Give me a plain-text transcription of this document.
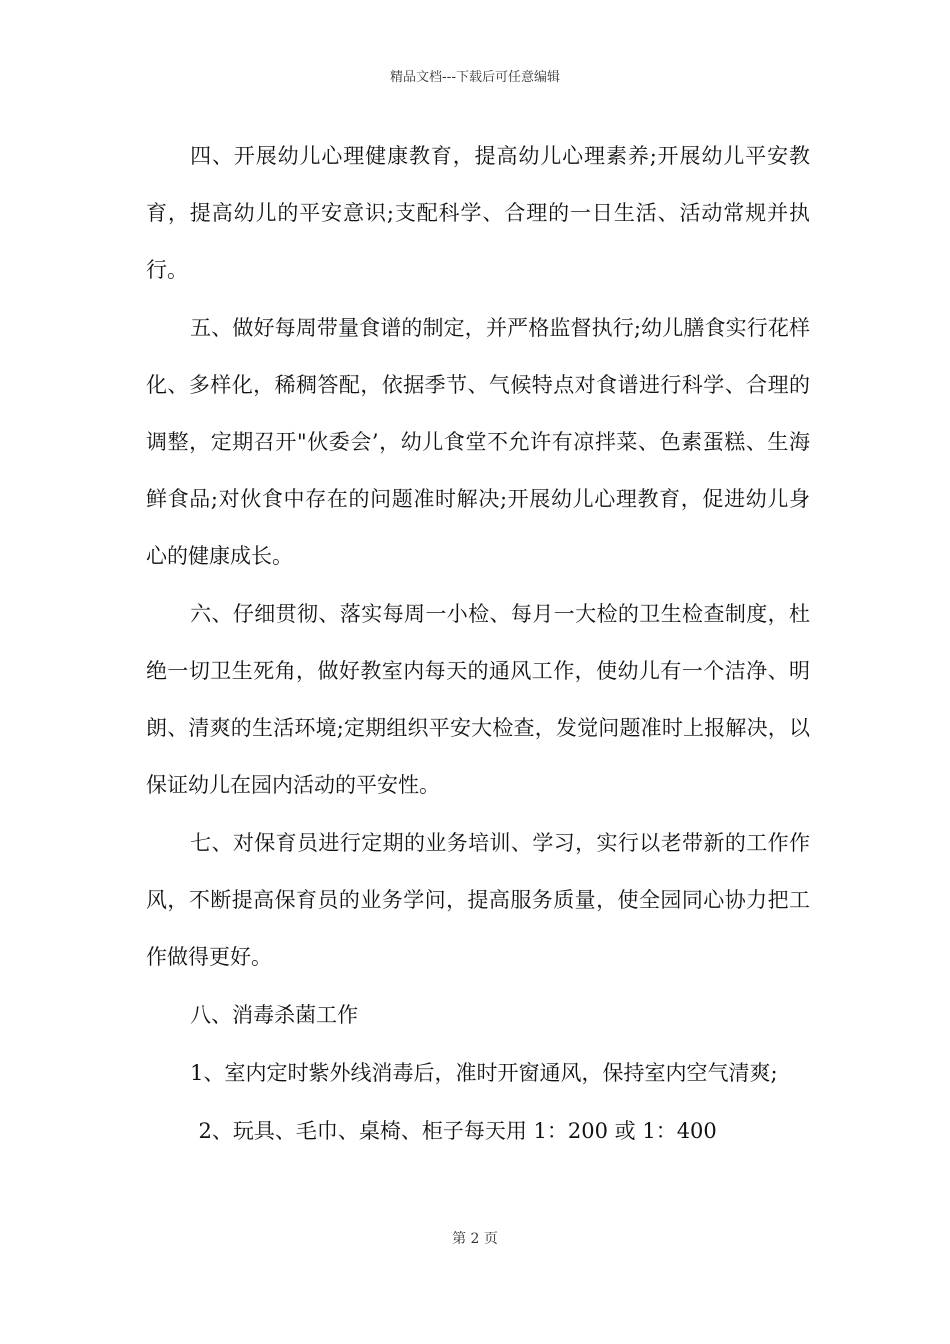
精品文档---下载后可任意编辑

四、开展幼儿心理健康教育，提高幼儿心理素养;开展幼儿平安教育，提高幼儿的平安意识;支配科学、合理的一日生活、活动常规并执行。

五、做好每周带量食谱的制定，并严格监督执行;幼儿膳食实行花样化、多样化，稀稠答配，依据季节、气候特点对食谱进行科学、合理的调整，定期召开"伙委会’，幼儿食堂不允许有凉拌菜、色素蛋糕、生海鲜食品;对伙食中存在的问题准时解决;开展幼儿心理教育，促进幼儿身心的健康成长。

六、仔细贯彻、落实每周一小检、每月一大检的卫生检查制度，杜绝一切卫生死角，做好教室内每天的通风工作，使幼儿有一个洁净、明朗、清爽的生活环境;定期组织平安大检查，发觉问题准时上报解决，以保证幼儿在园内活动的平安性。

七、对保育员进行定期的业务培训、学习，实行以老带新的工作作风，不断提高保育员的业务学问，提高服务质量，使全园同心协力把工作做得更好。

八、消毒杀菌工作

1、室内定时紫外线消毒后，准时开窗通风，保持室内空气清爽;

2、玩具、毛巾、桌椅、柜子每天用 1：200 或 1：400

第 2 页
